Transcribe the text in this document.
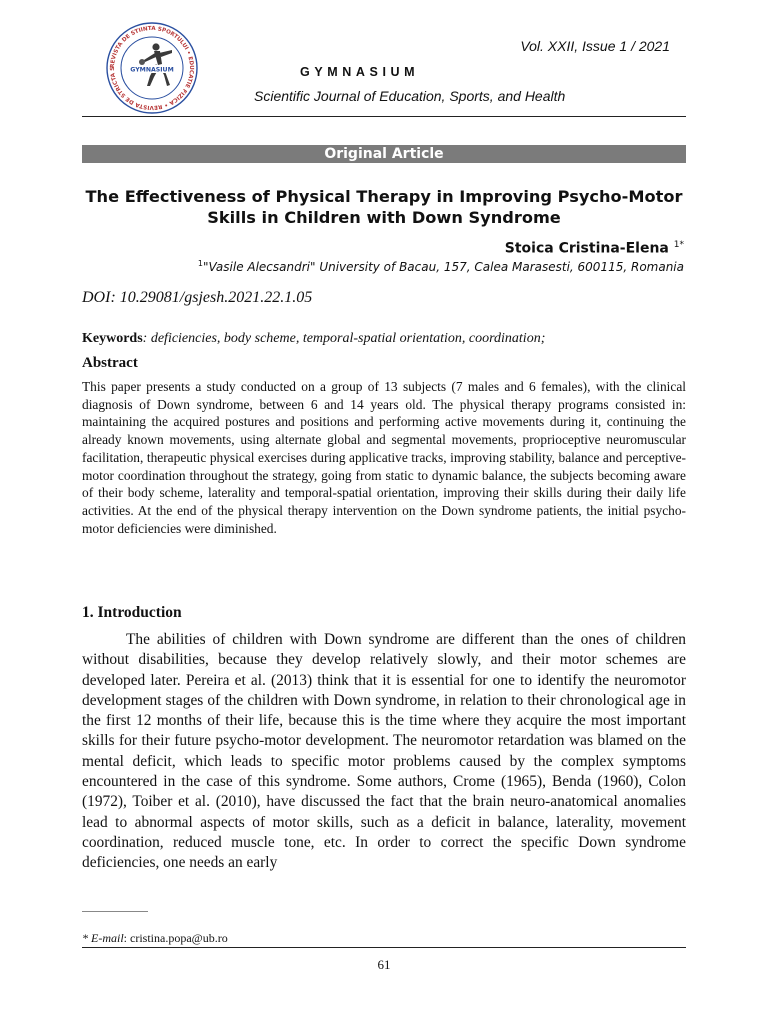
REVISTA DE STIINTA SPORTULUI • EDUCATIE FIZICA • REVISTA DE STRICTA S	GYMNASIUM
Vol. XXII, Issue 1 / 2021
GYMNASIUM
Scientific Journal of Education, Sports, and Health
Original Article
The Effectiveness of Physical Therapy in Improving Psycho-Motor Skills in Children with Down Syndrome
Stoica Cristina-Elena $^{1*}$
$^1$"Vasile Alecsandri" University of Bacau, 157, Calea Marasesti, 600115, Romania
DOI: 10.29081/gsjesh.2021.22.1.05
Keywords: deficiencies, body scheme, temporal-spatial orientation, coordination;
Abstract
This paper presents a study conducted on a group of 13 subjects (7 males and 6 females), with the clinical diagnosis of Down syndrome, between 6 and 14 years old. The physical therapy programs consisted in: maintaining the acquired postures and positions and performing active movements during it, continuing the already known movements, using alternate global and segmental movements, proprioceptive neuromuscular facilitation, therapeutic physical exercises during applicative tracks, improving stability, balance and perceptive-motor coordination throughout the strategy, going from static to dynamic balance, the subjects becoming aware of their body scheme, laterality and temporal-spatial orientation, improving their skills during their daily life activities. At the end of the physical therapy intervention on the Down syndrome patients, the initial psycho-motor deficiencies were diminished.
1. Introduction
The abilities of children with Down syndrome are different than the ones of children without disabilities, because they develop relatively slowly, and their motor schemes are developed later. Pereira et al. (2013) think that it is essential for one to identify the neuromotor development stages of the children with Down syndrome, in relation to their chronological age in the first 12 months of their life, because this is the time where they acquire the most important skills for their future psycho-motor development. The neuromotor retardation was blamed on the mental deficit, which leads to specific motor problems caused by the complex symptoms encountered in the case of this syndrome. Some authors, Crome (1965), Benda (1960), Colon (1972), Toiber et al. (2010), have discussed the fact that the brain neuro-anatomical anomalies lead to abnormal aspects of motor skills, such as a deficit in balance, laterality, movement coordination, reduced muscle tone, etc. In order to correct the specific Down syndrome deficiencies, one needs an early
* E-mail: cristina.popa@ub.ro
61
